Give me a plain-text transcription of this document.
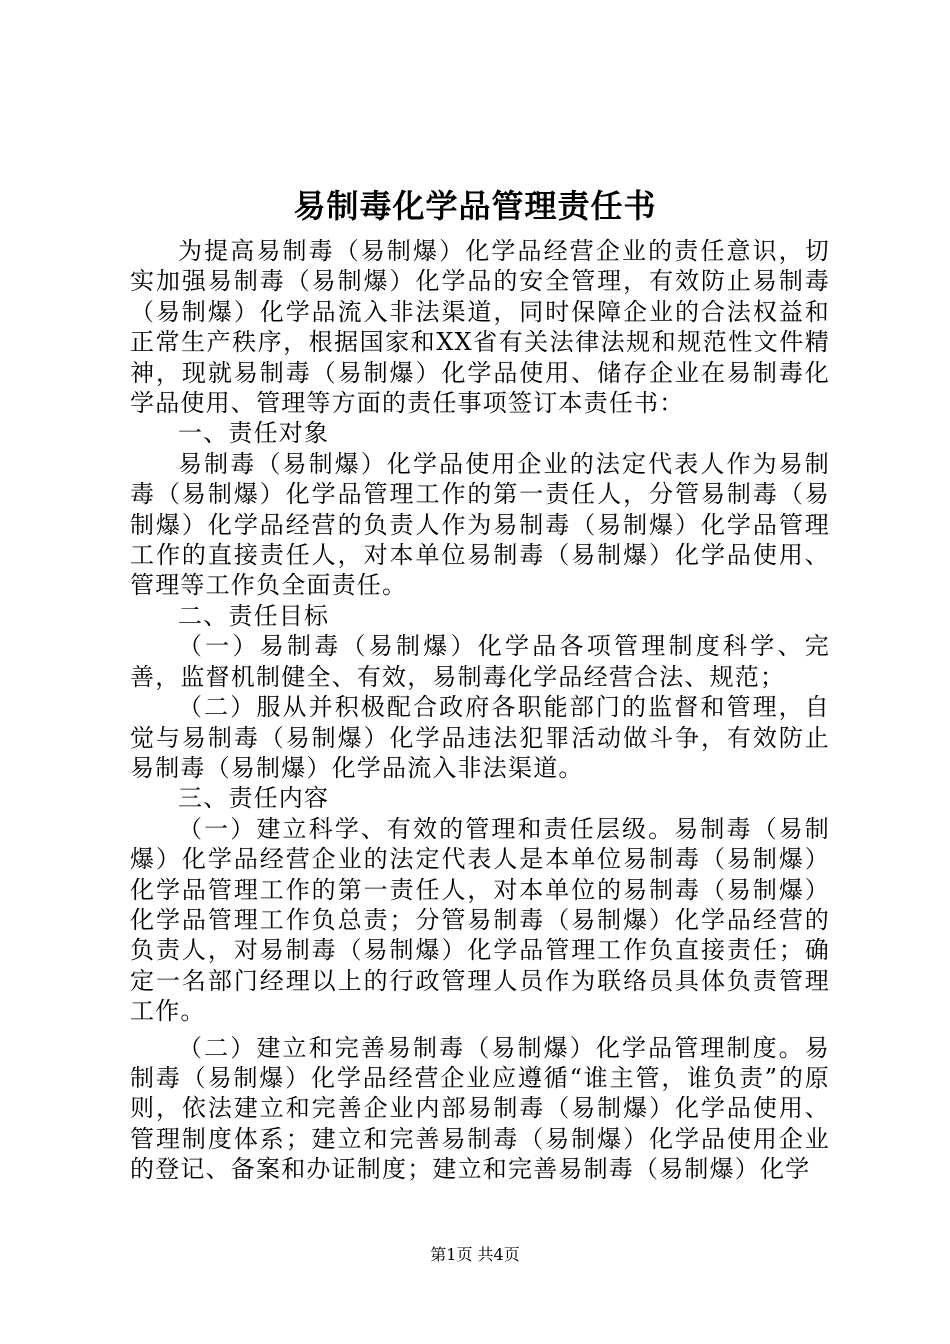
易制毒化学品管理责任书

为提高易制毒（易制爆）化学品经营企业的责任意识，切实加强易制毒（易制爆）化学品的安全管理，有效防止易制毒（易制爆）化学品流入非法渠道，同时保障企业的合法权益和正常生产秩序，根据国家和XX省有关法律法规和规范性文件精神，现就易制毒（易制爆）化学品使用、储存企业在易制毒化学品使用、管理等方面的责任事项签订本责任书：

一、责任对象

易制毒（易制爆）化学品使用企业的法定代表人作为易制毒（易制爆）化学品管理工作的第一责任人，分管易制毒（易制爆）化学品经营的负责人作为易制毒（易制爆）化学品管理工作的直接责任人，对本单位易制毒（易制爆）化学品使用、管理等工作负全面责任。

二、责任目标

（一）易制毒（易制爆）化学品各项管理制度科学、完善，监督机制健全、有效，易制毒化学品经营合法、规范；

（二）服从并积极配合政府各职能部门的监督和管理，自觉与易制毒（易制爆）化学品违法犯罪活动做斗争，有效防止易制毒（易制爆）化学品流入非法渠道。

三、责任内容

（一）建立科学、有效的管理和责任层级。易制毒（易制爆）化学品经营企业的法定代表人是本单位易制毒（易制爆）化学品管理工作的第一责任人，对本单位的易制毒（易制爆）化学品管理工作负总责；分管易制毒（易制爆）化学品经营的负责人，对易制毒（易制爆）化学品管理工作负直接责任；确定一名部门经理以上的行政管理人员作为联络员具体负责管理工作。

（二）建立和完善易制毒（易制爆）化学品管理制度。易制毒（易制爆）化学品经营企业应遵循“谁主管，谁负责”的原则，依法建立和完善企业内部易制毒（易制爆）化学品使用、管理制度体系；建立和完善易制毒（易制爆）化学品使用企业的登记、备案和办证制度；建立和完善易制毒（易制爆）化学

第1页 共4页
